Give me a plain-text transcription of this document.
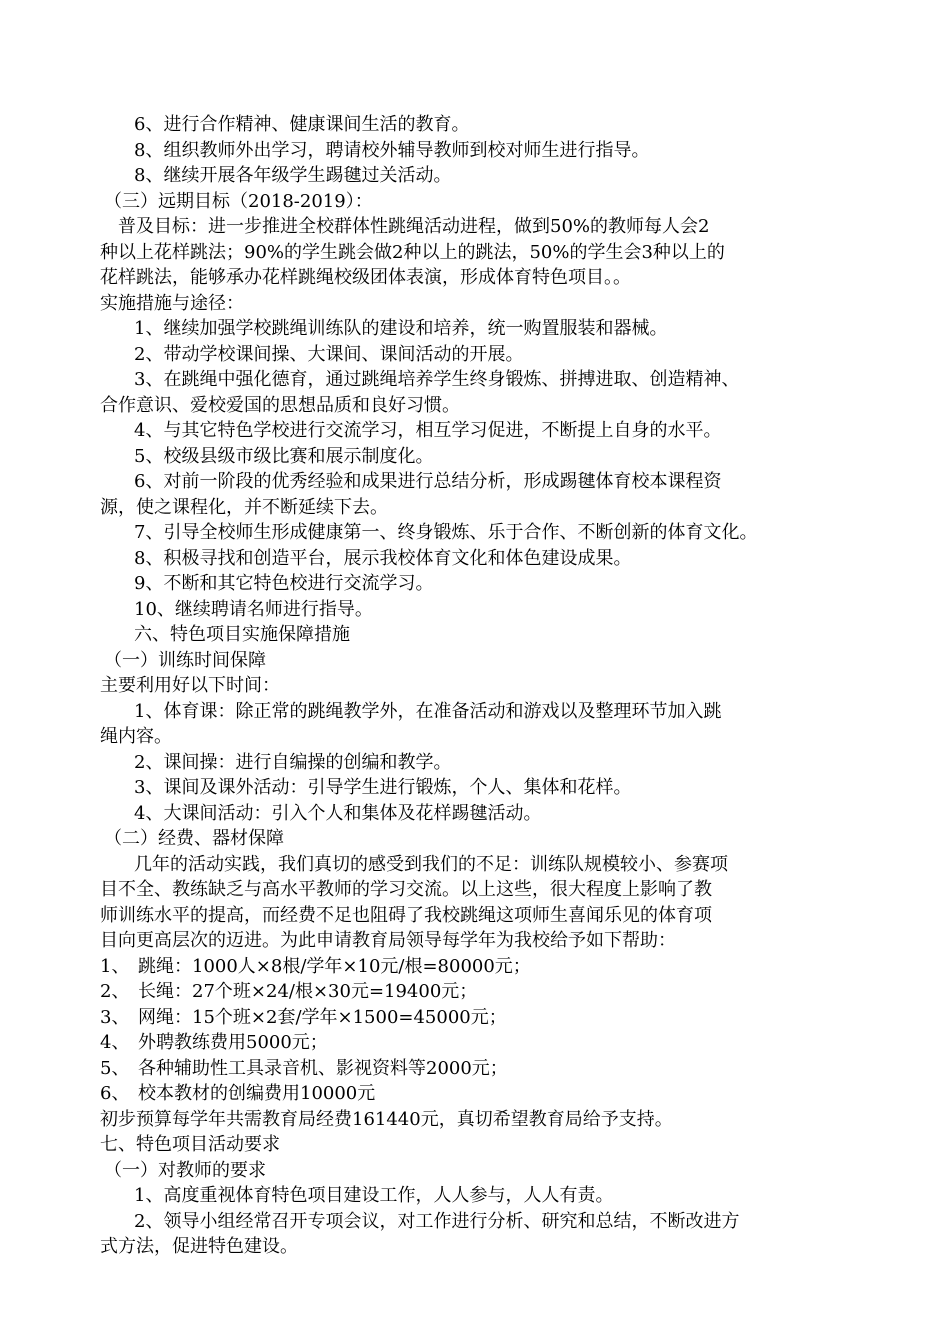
6、进行合作精神、健康课间生活的教育。
8、组织教师外出学习，聘请校外辅导教师到校对师生进行指导。
8、继续开展各年级学生踢毽过关活动。
（三）远期目标（2018-2019）：
普及目标：进一步推进全校群体性跳绳活动进程，做到50%的教师每人会2
种以上花样跳法；90%的学生跳会做2种以上的跳法，50%的学生会3种以上的
花样跳法，能够承办花样跳绳校级团体表演，形成体育特色项目。。
实施措施与途径：
1、继续加强学校跳绳训练队的建设和培养，统一购置服装和器械。
2、带动学校课间操、大课间、课间活动的开展。
3、在跳绳中强化德育，通过跳绳培养学生终身锻炼、拼搏进取、创造精神、
合作意识、爱校爱国的思想品质和良好习惯。
4、与其它特色学校进行交流学习，相互学习促进，不断提上自身的水平。
5、校级县级市级比赛和展示制度化。
6、对前一阶段的优秀经验和成果进行总结分析，形成踢毽体育校本课程资
源，使之课程化，并不断延续下去。
7、引导全校师生形成健康第一、终身锻炼、乐于合作、不断创新的体育文化。
8、积极寻找和创造平台，展示我校体育文化和体色建设成果。
9、不断和其它特色校进行交流学习。
10、继续聘请名师进行指导。
六、特色项目实施保障措施
（一）训练时间保障
主要利用好以下时间：
1、体育课：除正常的跳绳教学外，在准备活动和游戏以及整理环节加入跳
绳内容。
2、课间操：进行自编操的创编和教学。
3、课间及课外活动：引导学生进行锻炼，个人、集体和花样。
4、大课间活动：引入个人和集体及花样踢毽活动。
（二）经费、器材保障
几年的活动实践，我们真切的感受到我们的不足：训练队规模较小、参赛项
目不全、教练缺乏与高水平教师的学习交流。以上这些，很大程度上影响了教
师训练水平的提高，而经费不足也阻碍了我校跳绳这项师生喜闻乐见的体育项
目向更高层次的迈进。为此申请教育局领导每学年为我校给予如下帮助：
1、 跳绳：1000人×8根/学年×10元/根=80000元；
2、 长绳：27个班×24/根×30元=19400元；
3、 网绳：15个班×2套/学年×1500=45000元；
4、 外聘教练费用5000元；
5、 各种辅助性工具录音机、影视资料等2000元；
6、 校本教材的创编费用10000元
初步预算每学年共需教育局经费161440元，真切希望教育局给予支持。
七、特色项目活动要求
（一）对教师的要求
1、高度重视体育特色项目建设工作，人人参与，人人有责。
2、领导小组经常召开专项会议，对工作进行分析、研究和总结，不断改进方
式方法，促进特色建设。
